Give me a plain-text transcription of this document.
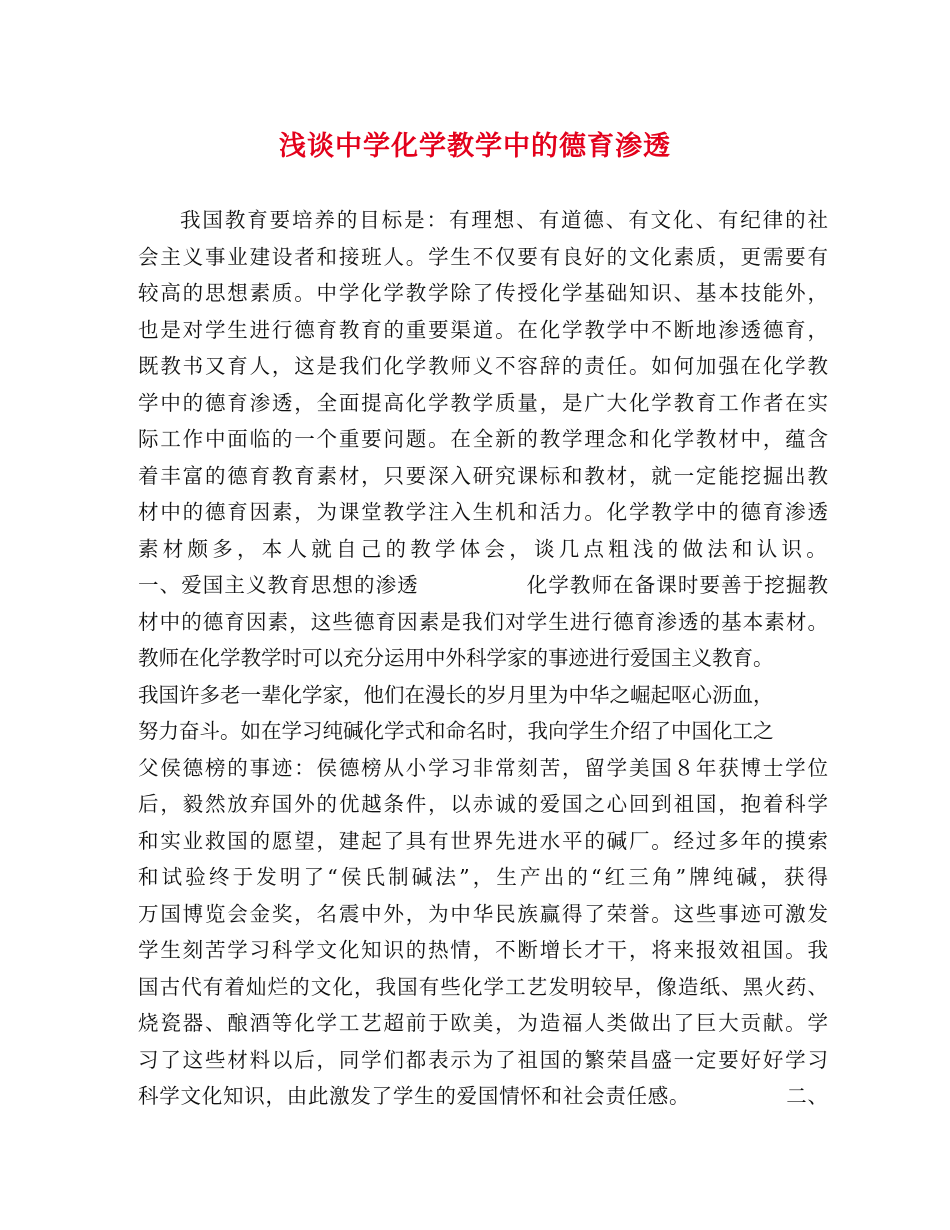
浅谈中学化学教学中的德育渗透
我国教育要培养的目标是：有理想、有道德、有文化、有纪律的社
会主义事业建设者和接班人。学生不仅要有良好的文化素质，更需要有
较高的思想素质。中学化学教学除了传授化学基础知识、基本技能外，
也是对学生进行德育教育的重要渠道。在化学教学中不断地渗透德育，
既教书又育人，这是我们化学教师义不容辞的责任。如何加强在化学教
学中的德育渗透，全面提高化学教学质量，是广大化学教育工作者在实
际工作中面临的一个重要问题。在全新的教学理念和化学教材中，蕴含
着丰富的德育教育素材，只要深入研究课标和教材，就一定能挖掘出教
材中的德育因素，为课堂教学注入生机和活力。化学教学中的德育渗透
素材颇多，本人就自己的教学体会，谈几点粗浅的做法和认识。
一、爱国主义教育思想的渗透　　　　　化学教师在备课时要善于挖掘教
材中的德育因素，这些德育因素是我们对学生进行德育渗透的基本素材。
教师在化学教学时可以充分运用中外科学家的事迹进行爱国主义教育。
我国许多老一辈化学家，他们在漫长的岁月里为中华之崛起呕心沥血，
努力奋斗。如在学习纯碱化学式和命名时，我向学生介绍了中国化工之
父侯德榜的事迹：侯德榜从小学习非常刻苦，留学美国８年获博士学位
后，毅然放弃国外的优越条件，以赤诚的爱国之心回到祖国，抱着科学
和实业救国的愿望，建起了具有世界先进水平的碱厂。经过多年的摸索
和试验终于发明了“侯氏制碱法”，生产出的“红三角”牌纯碱，获得
万国博览会金奖，名震中外，为中华民族赢得了荣誉。这些事迹可激发
学生刻苦学习科学文化知识的热情，不断增长才干，将来报效祖国。我
国古代有着灿烂的文化，我国有些化学工艺发明较早，像造纸、黑火药、
烧瓷器、酿酒等化学工艺超前于欧美，为造福人类做出了巨大贡献。学
习了这些材料以后，同学们都表示为了祖国的繁荣昌盛一定要好好学习
科学文化知识，由此激发了学生的爱国情怀和社会责任感。　　　　　二、
